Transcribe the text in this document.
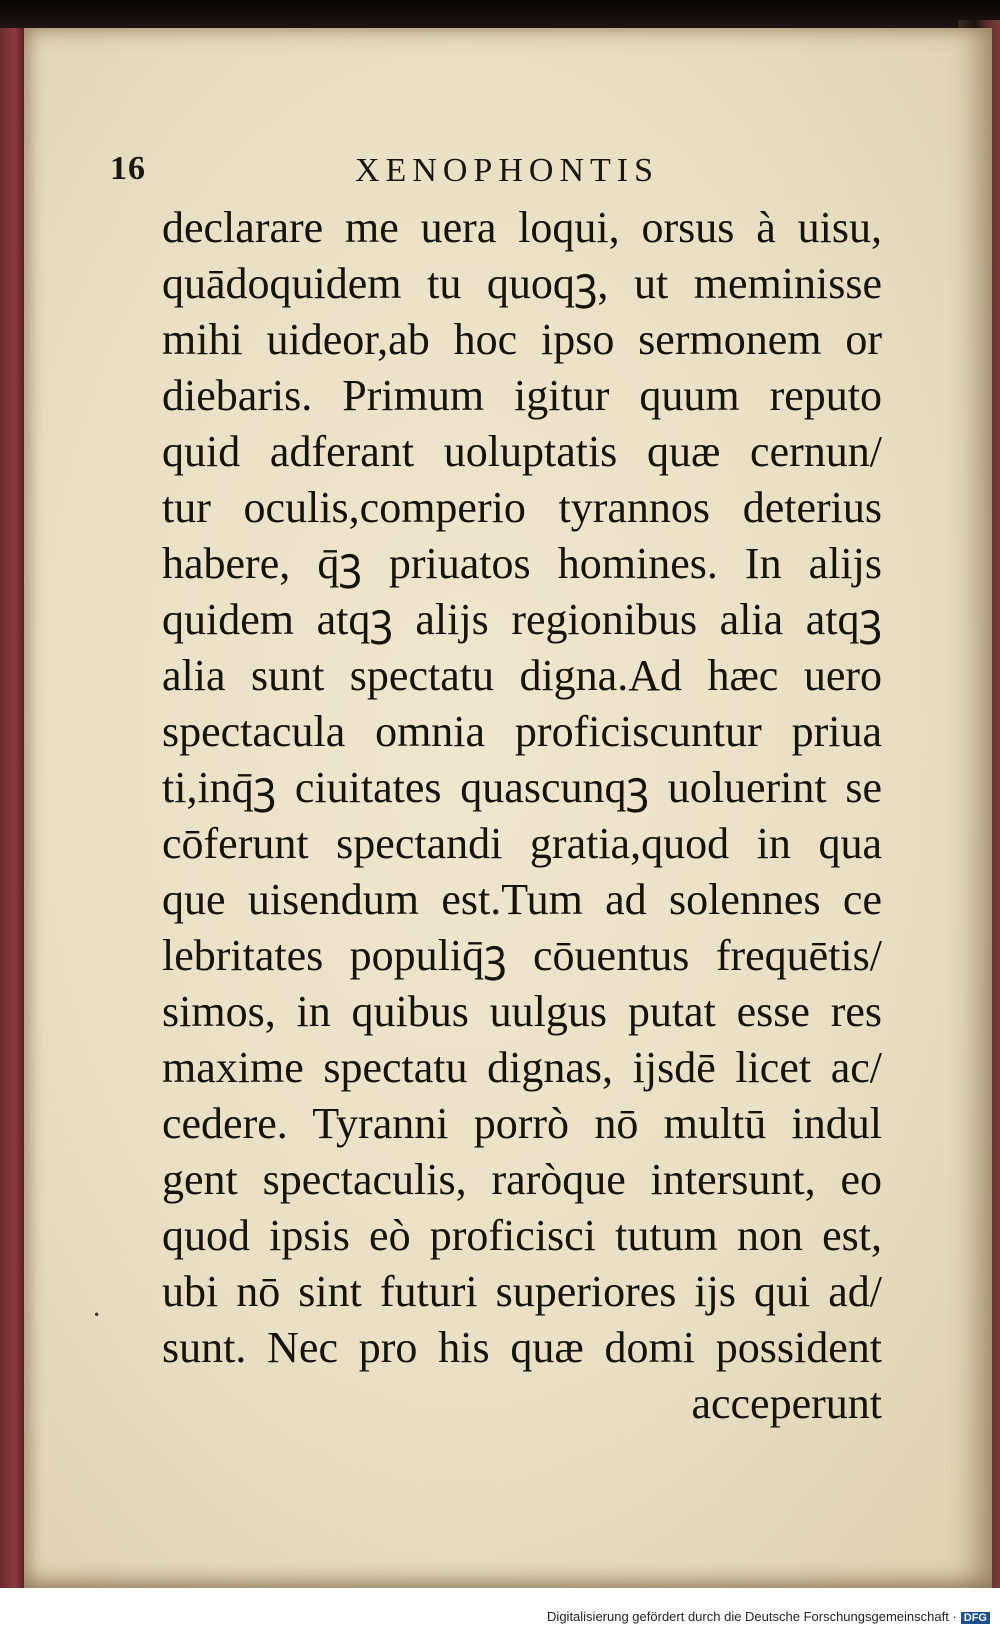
16	XENOPHONTIS
declarare me uera loqui, orsus à uisu,
quādoquidem tu quoqꝫ, ut meminisse
mihi uideor,ab hoc ipso sermonem or
diebaris. Primum igitur quum reputo
quid adferant uoluptatis quæ cernun/
tur oculis,comperio tyrannos deterius
habere, q̄ꝫ priuatos homines. In alijs
quidem atqꝫ alijs regionibus alia atqꝫ
alia sunt spectatu digna.Ad hæc uero
spectacula omnia proficiscuntur priua
ti,inq̄ꝫ ciuitates quascunqꝫ uoluerint se
cōferunt spectandi gratia,quod in qua
que uisendum est.Tum ad solennes ce
lebritates populiq̄ꝫ cōuentus frequētis/
simos, in quibus uulgus putat esse res
maxime spectatu dignas, ijsdē licet ac/
cedere. Tyranni porrò nō multū indul
gent spectaculis, raròque intersunt, eo
quod ipsis eò proficisci tutum non est,
ubi nō sint futuri superiores ijs qui ad/
sunt. Nec pro his quæ domi possident
acceperunt
·
Digitalisierung gefördert durch die Deutsche Forschungsgemeinschaft · DFG
